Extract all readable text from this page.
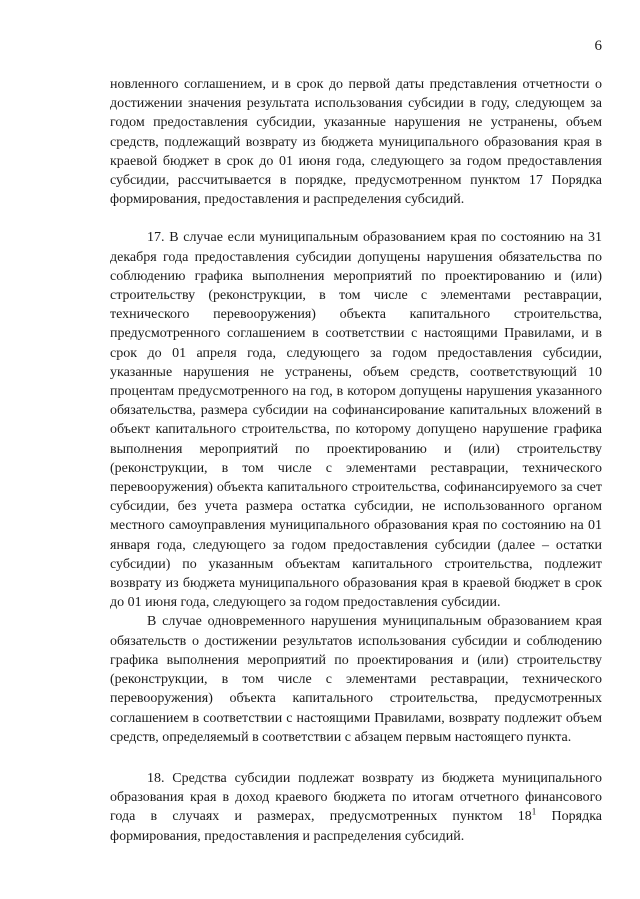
6

новленного соглашением, и в срок до первой даты представления отчетности о достижении значения результата использования субсидии в году, следующем за годом предоставления субсидии, указанные нарушения не устранены, объем средств, подлежащий возврату из бюджета муниципального образования края в краевой бюджет в срок до 01 июня года, следующего за годом предоставления субсидии, рассчитывается в порядке, предусмотренном пунктом 17 Порядка формирования, предоставления и распределения субсидий.

17. В случае если муниципальным образованием края по состоянию на 31 декабря года предоставления субсидии допущены нарушения обязательства по соблюдению графика выполнения мероприятий по проектированию и (или) строительству (реконструкции, в том числе с элементами реставрации, технического перевооружения) объекта капитального строительства, предусмотренного соглашением в соответствии с настоящими Правилами, и в срок до 01 апреля года, следующего за годом предоставления субсидии, указанные нарушения не устранены, объем средств, соответствующий 10 процентам предусмотренного на год, в котором допущены нарушения указанного обязательства, размера субсидии на софинансирование капитальных вложений в объект капитального строительства, по которому допущено нарушение графика выполнения мероприятий по проектированию и (или) строительству (реконструкции, в том числе с элементами реставрации, технического перевооружения) объекта капитального строительства, софинансируемого за счет субсидии, без учета размера остатка субсидии, не использованного органом местного самоуправления муниципального образования края по состоянию на 01 января года, следующего за годом предоставления субсидии (далее – остатки субсидии) по указанным объектам капитального строительства, подлежит возврату из бюджета муниципального образования края в краевой бюджет в срок до 01 июня года, следующего за годом предоставления субсидии.

В случае одновременного нарушения муниципальным образованием края обязательств о достижении результатов использования субсидии и соблюдению графика выполнения мероприятий по проектирования и (или) строительству (реконструкции, в том числе с элементами реставрации, технического перевооружения) объекта капитального строительства, предусмотренных соглашением в соответствии с настоящими Правилами, возврату подлежит объем средств, определяемый в соответствии с абзацем первым настоящего пункта.

18. Средства субсидии подлежат возврату из бюджета муниципального образования края в доход краевого бюджета по итогам отчетного финансового года в случаях и размерах, предусмотренных пунктом $18^1$ Порядка формирования, предоставления и распределения субсидий.
